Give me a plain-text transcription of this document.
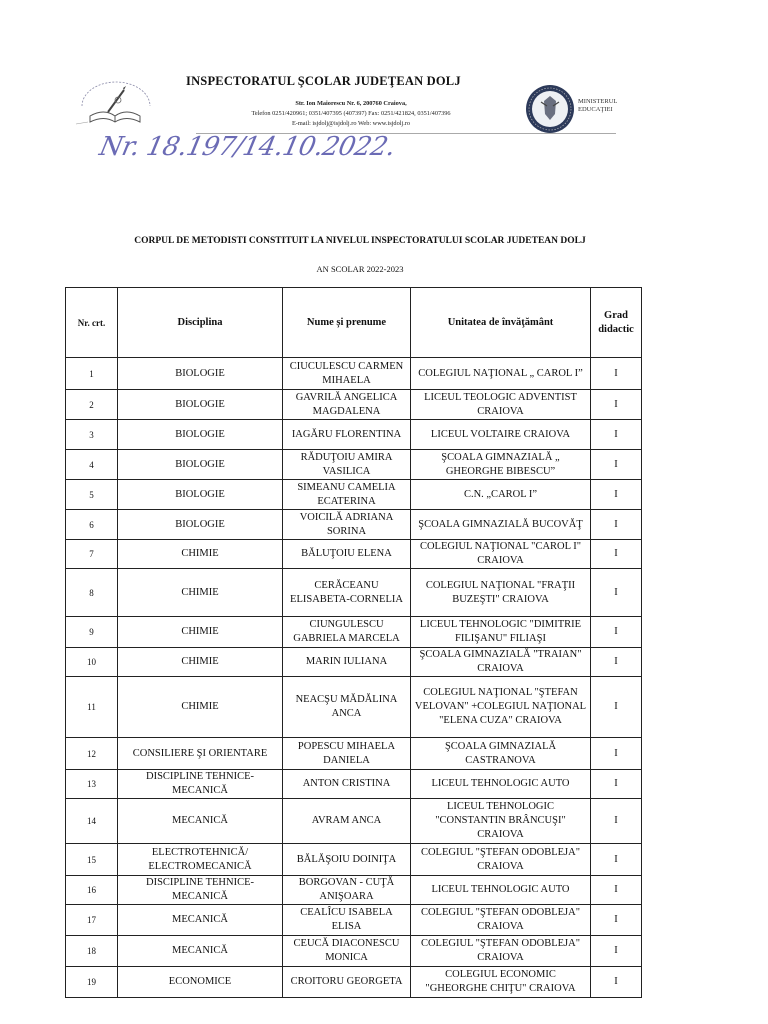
INSPECTORATUL ŞCOLAR JUDEŢEAN DOLJ
Str. Ion Maiorescu Nr. 6, 200760 Craiova,
Telefon 0251/420961; 0351/407395 (407397) Fax: 0251/421824, 0351/407396
E-mail: isjdolj@isjdolj.ro Web: www.isjdolj.ro
MINISTERUL
EDUCAŢIEI
Nr. 18.197/14.10.2022.
CORPUL DE METODISTI CONSTITUIT LA NIVELUL INSPECTORATULUI SCOLAR JUDETEAN DOLJ
AN SCOLAR 2022-2023
Nr. crt.	Disciplina	Nume și prenume	Unitatea de învăţământ	Grad didactic
1	BIOLOGIE	CIUCULESCU CARMEN MIHAELA	COLEGIUL NAŢIONAL „ CAROL I”	I
2	BIOLOGIE	GAVRILĂ ANGELICA MAGDALENA	LICEUL TEOLOGIC ADVENTIST CRAIOVA	I
3	BIOLOGIE	IAGĂRU FLORENTINA	LICEUL VOLTAIRE CRAIOVA	I
4	BIOLOGIE	RĂDUŢOIU AMIRA VASILICA	ŞCOALA GIMNAZIALĂ „ GHEORGHE BIBESCU”	I
5	BIOLOGIE	SIMEANU CAMELIA ECATERINA	C.N. „CAROL I”	I
6	BIOLOGIE	VOICILĂ ADRIANA SORINA	ŞCOALA GIMNAZIALĂ BUCOVĂŢ	I
7	CHIMIE	BĂLUŢOIU ELENA	COLEGIUL NAŢIONAL "CAROL I" CRAIOVA	I
8	CHIMIE	CERĂCEANU ELISABETA-CORNELIA	COLEGIUL NAŢIONAL "FRAŢII BUZEŞTI" CRAIOVA	I
9	CHIMIE	CIUNGULESCU GABRIELA MARCELA	LICEUL TEHNOLOGIC "DIMITRIE FILIŞANU" FILIAŞI	I
10	CHIMIE	MARIN IULIANA	ŞCOALA GIMNAZIALĂ "TRAIAN" CRAIOVA	I
11	CHIMIE	NEACŞU MĂDĂLINA ANCA	COLEGIUL NAŢIONAL "ŞTEFAN VELOVAN" +COLEGIUL NAŢIONAL "ELENA CUZA" CRAIOVA	I
12	CONSILIERE ŞI ORIENTARE	POPESCU MIHAELA DANIELA	ŞCOALA GIMNAZIALĂ CASTRANOVA	I
13	DISCIPLINE TEHNICE-MECANICĂ	ANTON CRISTINA	LICEUL TEHNOLOGIC AUTO	I
14	MECANICĂ	AVRAM ANCA	LICEUL TEHNOLOGIC "CONSTANTIN BRÂNCUŞI" CRAIOVA	I
15	ELECTROTEHNICĂ/ ELECTROMECANICĂ	BĂLĂŞOIU DOINIŢA	COLEGIUL "ŞTEFAN ODOBLEJA" CRAIOVA	I
16	DISCIPLINE TEHNICE-MECANICĂ	BORGOVAN - CUŢĂ ANIŞOARA	LICEUL TEHNOLOGIC AUTO	I
17	MECANICĂ	CEALÎCU ISABELA ELISA	COLEGIUL "ŞTEFAN ODOBLEJA" CRAIOVA	I
18	MECANICĂ	CEUCĂ DIACONESCU MONICA	COLEGIUL "ŞTEFAN ODOBLEJA" CRAIOVA	I
19	ECONOMICE	CROITORU GEORGETA	COLEGIUL ECONOMIC "GHEORGHE CHIŢU" CRAIOVA	I
